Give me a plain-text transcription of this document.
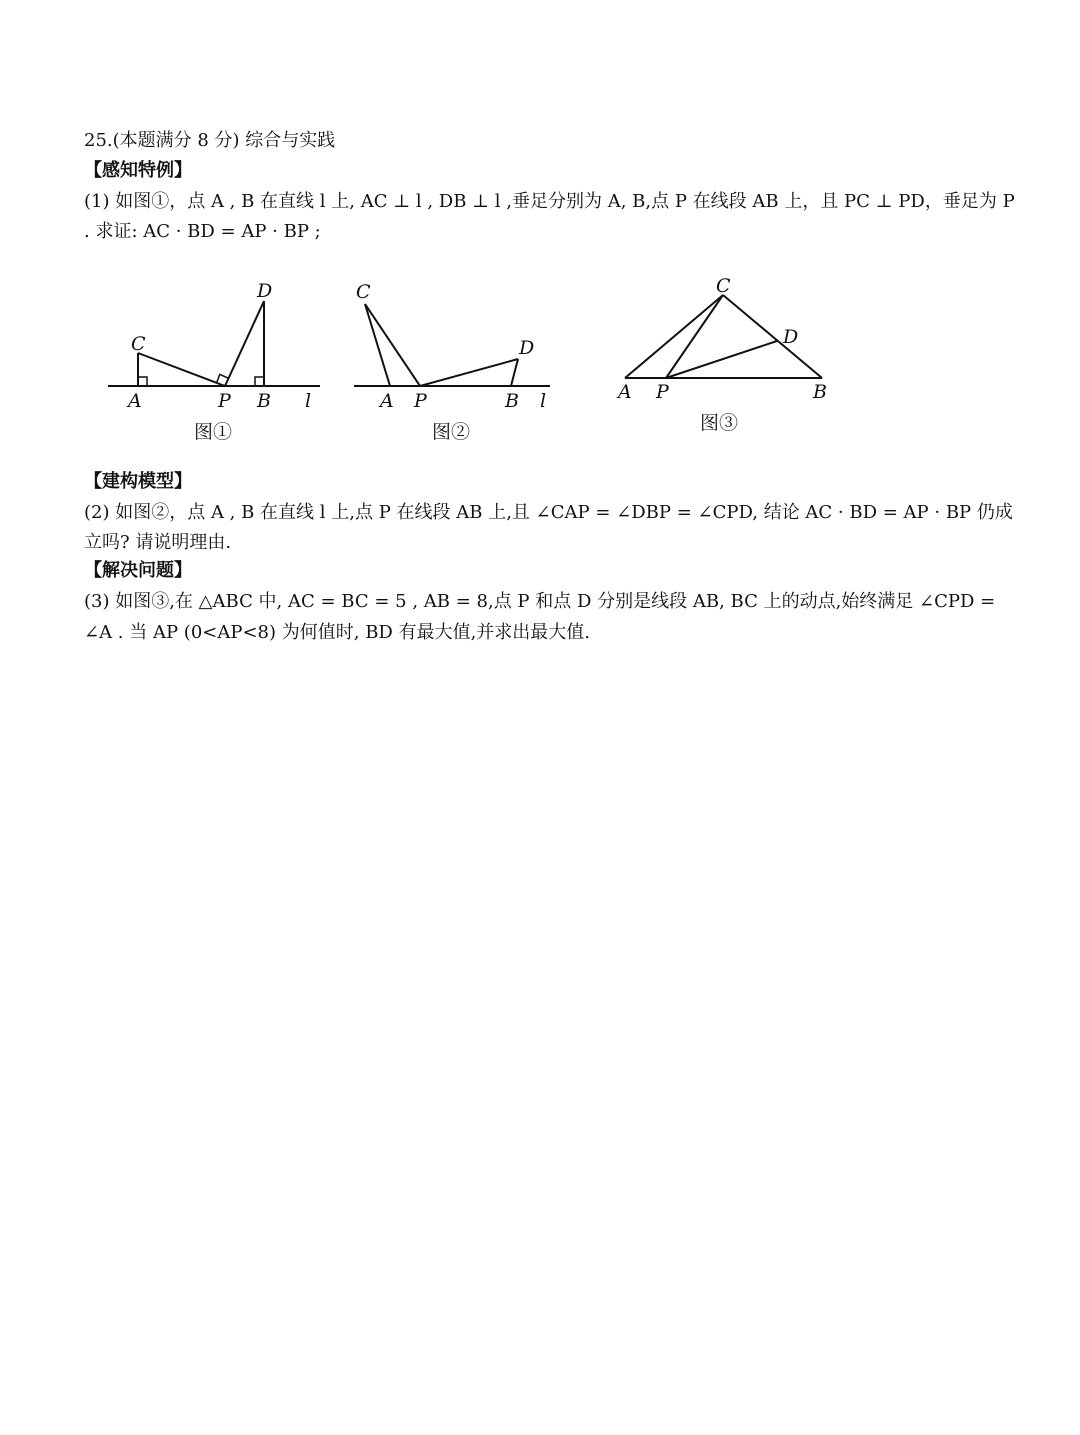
25.(本题满分 8 分) 综合与实践
【感知特例】
(1) 如图①，点 A , B 在直线 l 上, AC ⊥ l , DB ⊥ l ,垂足分别为 A, B,点 P 在线段 AB 上，且 PC ⊥ PD，垂足为 P
. 求证: AC · BD = AP · BP ;
C
D
A	P B l
图①
C
D
A P	B l
图②
C
D
A P	B
图③
【建构模型】
(2) 如图②，点 A , B 在直线 l 上,点 P 在线段 AB 上,且 ∠CAP = ∠DBP = ∠CPD, 结论 AC · BD = AP · BP 仍成
立吗? 请说明理由.
【解决问题】
(3) 如图③,在 △ABC 中, AC = BC = 5 , AB = 8,点 P 和点 D 分别是线段 AB, BC 上的动点,始终满足 ∠CPD =
∠A . 当 AP (0<AP<8) 为何值时, BD 有最大值,并求出最大值.
